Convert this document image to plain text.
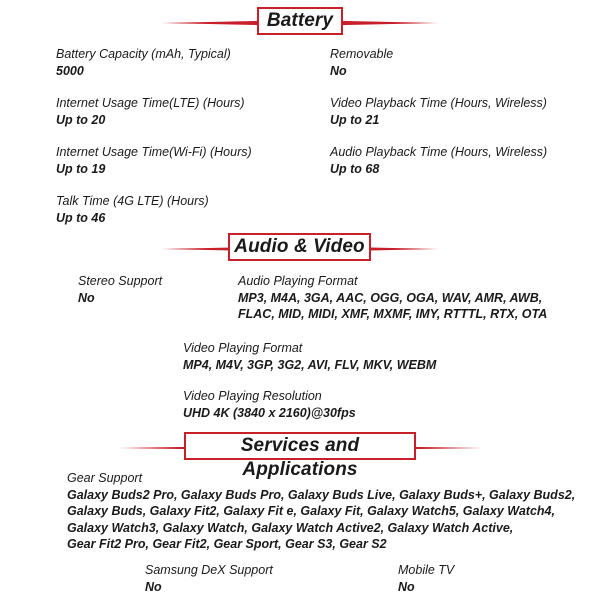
Battery
Battery Capacity (mAh, Typical)
5000
Removable
No
Internet Usage Time(LTE) (Hours)
Up to 20
Video Playback Time (Hours, Wireless)
Up to 21
Internet Usage Time(Wi-Fi) (Hours)
Up to 19
Audio Playback Time (Hours, Wireless)
Up to 68
Talk Time (4G LTE) (Hours)
Up to 46
Audio & Video
Stereo Support
No
Audio Playing Format
MP3, M4A, 3GA, AAC, OGG, OGA, WAV, AMR, AWB,
FLAC, MID, MIDI, XMF, MXMF, IMY, RTTTL, RTX, OTA
Video Playing Format
MP4, M4V, 3GP, 3G2, AVI, FLV, MKV, WEBM
Video Playing Resolution
UHD 4K (3840 x 2160)@30fps
Services and Applications
Gear Support
Galaxy Buds2 Pro, Galaxy Buds Pro, Galaxy Buds Live, Galaxy Buds+, Galaxy Buds2,
Galaxy Buds, Galaxy Fit2, Galaxy Fit e, Galaxy Fit, Galaxy Watch5, Galaxy Watch4,
Galaxy Watch3, Galaxy Watch, Galaxy Watch Active2, Galaxy Watch Active,
Gear Fit2 Pro, Gear Fit2, Gear Sport, Gear S3, Gear S2
Samsung DeX Support
No
Mobile TV
No
